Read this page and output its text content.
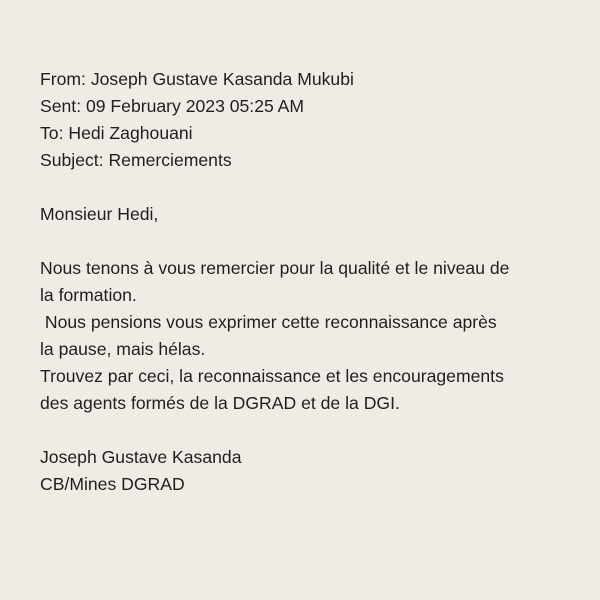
From: Joseph Gustave Kasanda Mukubi
Sent: 09 February 2023 05:25 AM
To: Hedi Zaghouani
Subject: Remerciements
Monsieur Hedi,
Nous tenons à vous remercier pour la qualité et le niveau de
la formation.
Nous pensions vous exprimer cette reconnaissance après
la pause, mais hélas.
Trouvez par ceci, la reconnaissance et les encouragements
des agents formés de la DGRAD et de la DGI.
Joseph Gustave Kasanda
CB/Mines DGRAD
